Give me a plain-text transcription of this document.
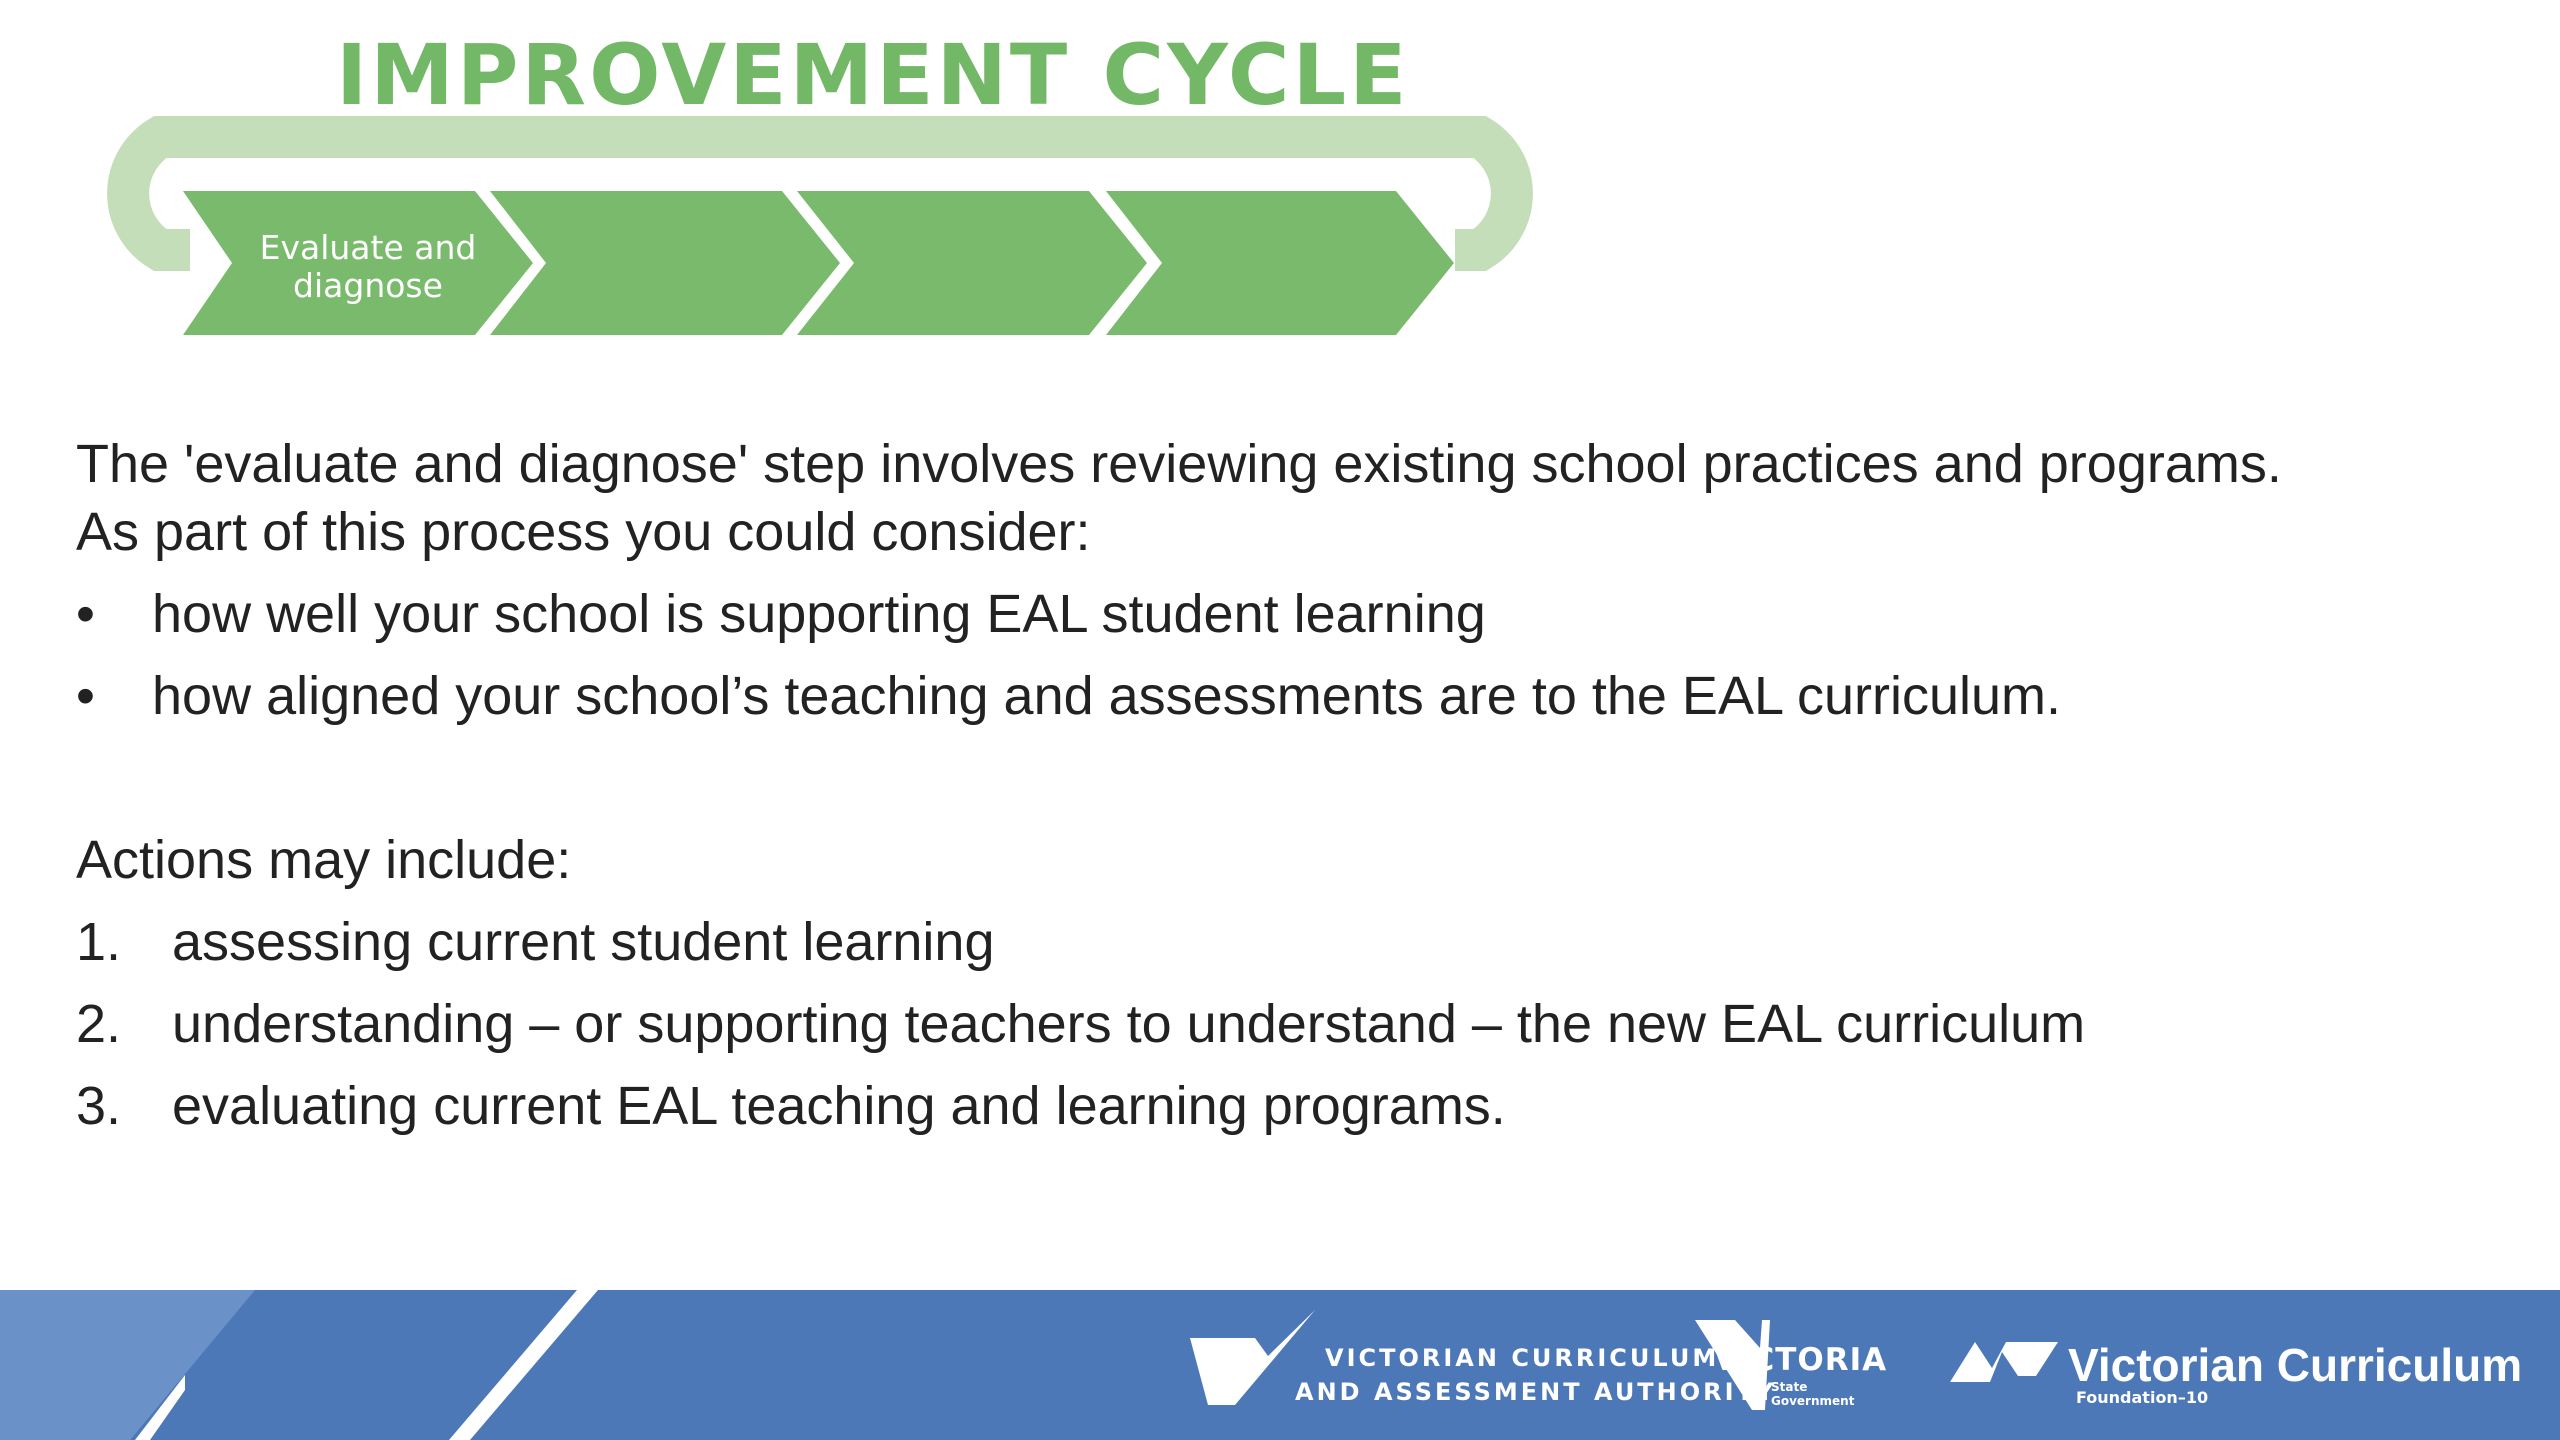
IMPROVEMENT CYCLE
Evaluate and
diagnose
The 'evaluate and diagnose' step involves reviewing existing school practices and programs.
As part of this process you could consider:
• how well your school is supporting EAL student learning
• how aligned your school’s teaching and assessments are to the EAL curriculum.
Actions may include:
1. assessing current student learning
2. understanding – or supporting teachers to understand – the new EAL curriculum
3. evaluating current EAL teaching and learning programs.
VICTORIAN CURRICULUM
AND ASSESSMENT AUTHORITY
VICTORIA
State
Government
Victorian Curriculum
Foundation–10
